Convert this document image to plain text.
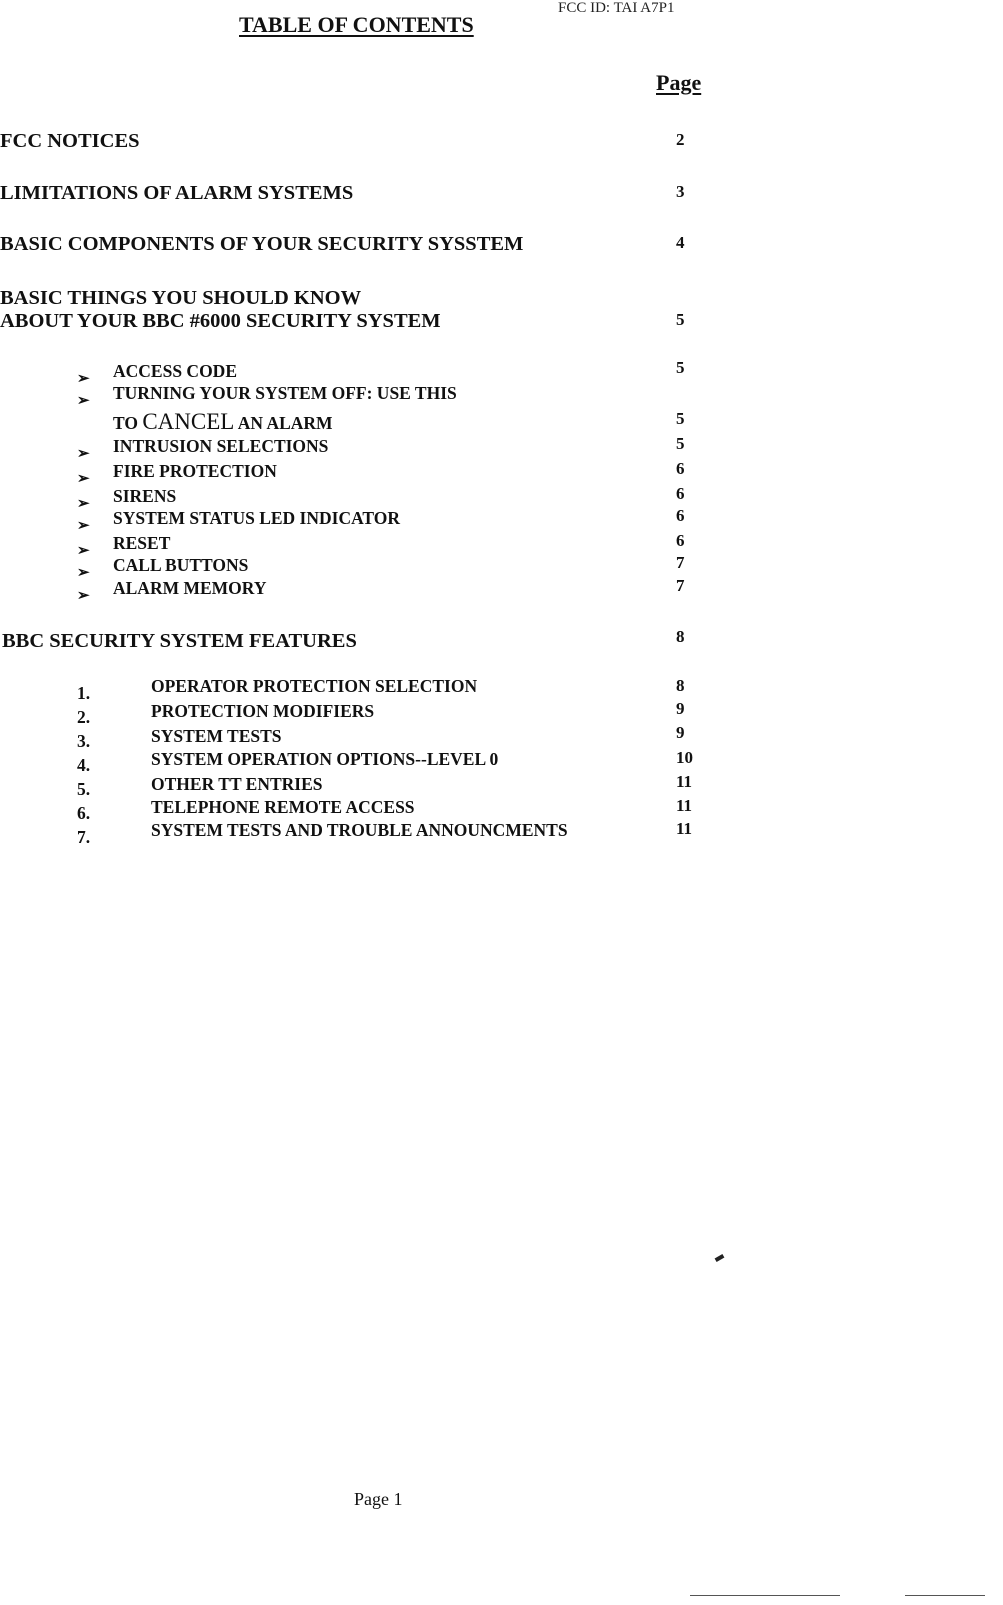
FCC ID: TAI A7P1
TABLE OF CONTENTS
Page
FCC NOTICES	2
LIMITATIONS OF ALARM SYSTEMS	3
BASIC COMPONENTS OF YOUR SECURITY SYSSTEM	4
BASIC THINGS YOU SHOULD KNOW
ABOUT YOUR BBC #6000 SECURITY SYSTEM	5
➢ ACCESS CODE	5
➢ TURNING YOUR SYSTEM OFF: USE THIS
TO CANCEL AN ALARM	5
➢ INTRUSION SELECTIONS	5
➢ FIRE PROTECTION	6
➢ SIRENS	6
➢ SYSTEM STATUS LED INDICATOR	6
➢ RESET	6
➢ CALL BUTTONS	7
➢ ALARM MEMORY	7
BBC SECURITY SYSTEM FEATURES	8
1.	OPERATOR PROTECTION SELECTION	8
2.	PROTECTION MODIFIERS	9
3.	SYSTEM TESTS	9
4.	SYSTEM OPERATION OPTIONS--LEVEL 0	10
5.	OTHER TT ENTRIES	11
6.	TELEPHONE REMOTE ACCESS	11
7.	SYSTEM TESTS AND TROUBLE ANNOUNCMENTS	11
Page 1
